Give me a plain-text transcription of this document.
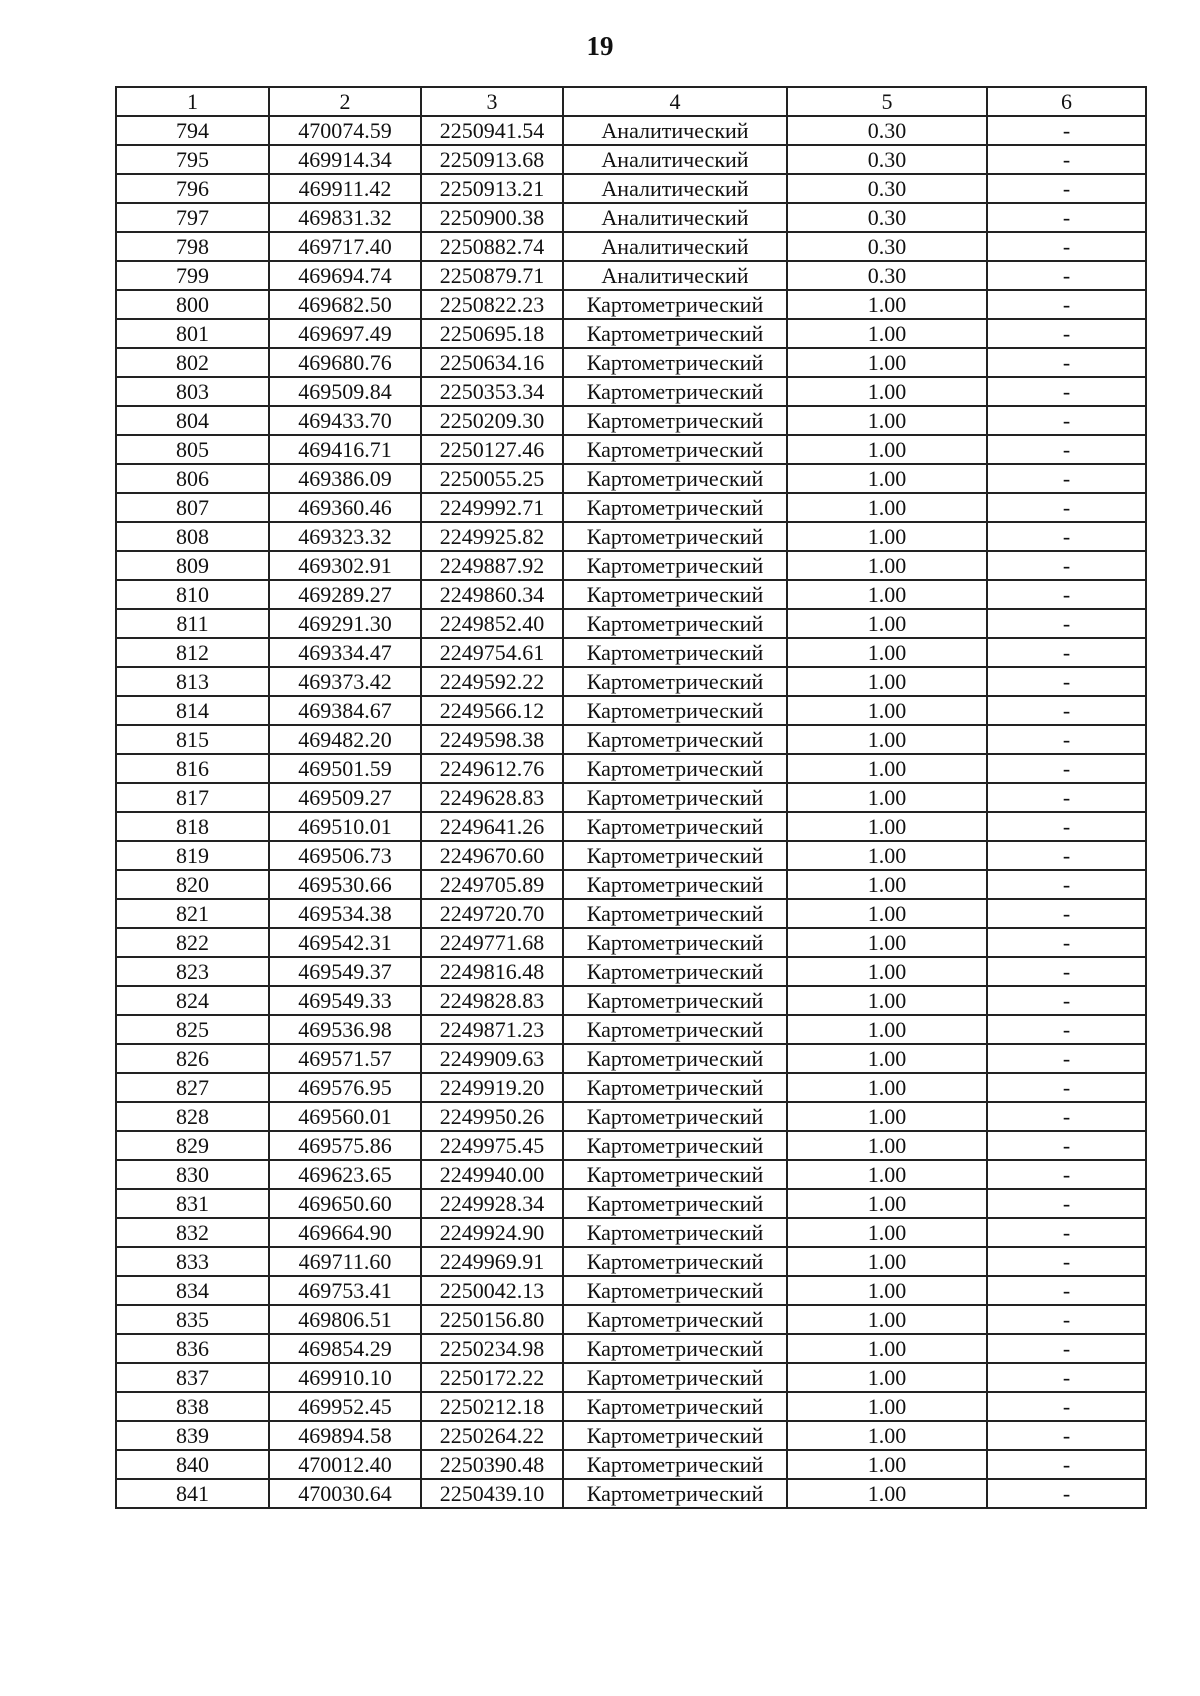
19
1	2	3	4	5	6
794	470074.59	2250941.54	Аналитический	0.30	-
795	469914.34	2250913.68	Аналитический	0.30	-
796	469911.42	2250913.21	Аналитический	0.30	-
797	469831.32	2250900.38	Аналитический	0.30	-
798	469717.40	2250882.74	Аналитический	0.30	-
799	469694.74	2250879.71	Аналитический	0.30	-
800	469682.50	2250822.23	Картометрический	1.00	-
801	469697.49	2250695.18	Картометрический	1.00	-
802	469680.76	2250634.16	Картометрический	1.00	-
803	469509.84	2250353.34	Картометрический	1.00	-
804	469433.70	2250209.30	Картометрический	1.00	-
805	469416.71	2250127.46	Картометрический	1.00	-
806	469386.09	2250055.25	Картометрический	1.00	-
807	469360.46	2249992.71	Картометрический	1.00	-
808	469323.32	2249925.82	Картометрический	1.00	-
809	469302.91	2249887.92	Картометрический	1.00	-
810	469289.27	2249860.34	Картометрический	1.00	-
811	469291.30	2249852.40	Картометрический	1.00	-
812	469334.47	2249754.61	Картометрический	1.00	-
813	469373.42	2249592.22	Картометрический	1.00	-
814	469384.67	2249566.12	Картометрический	1.00	-
815	469482.20	2249598.38	Картометрический	1.00	-
816	469501.59	2249612.76	Картометрический	1.00	-
817	469509.27	2249628.83	Картометрический	1.00	-
818	469510.01	2249641.26	Картометрический	1.00	-
819	469506.73	2249670.60	Картометрический	1.00	-
820	469530.66	2249705.89	Картометрический	1.00	-
821	469534.38	2249720.70	Картометрический	1.00	-
822	469542.31	2249771.68	Картометрический	1.00	-
823	469549.37	2249816.48	Картометрический	1.00	-
824	469549.33	2249828.83	Картометрический	1.00	-
825	469536.98	2249871.23	Картометрический	1.00	-
826	469571.57	2249909.63	Картометрический	1.00	-
827	469576.95	2249919.20	Картометрический	1.00	-
828	469560.01	2249950.26	Картометрический	1.00	-
829	469575.86	2249975.45	Картометрический	1.00	-
830	469623.65	2249940.00	Картометрический	1.00	-
831	469650.60	2249928.34	Картометрический	1.00	-
832	469664.90	2249924.90	Картометрический	1.00	-
833	469711.60	2249969.91	Картометрический	1.00	-
834	469753.41	2250042.13	Картометрический	1.00	-
835	469806.51	2250156.80	Картометрический	1.00	-
836	469854.29	2250234.98	Картометрический	1.00	-
837	469910.10	2250172.22	Картометрический	1.00	-
838	469952.45	2250212.18	Картометрический	1.00	-
839	469894.58	2250264.22	Картометрический	1.00	-
840	470012.40	2250390.48	Картометрический	1.00	-
841	470030.64	2250439.10	Картометрический	1.00	-
